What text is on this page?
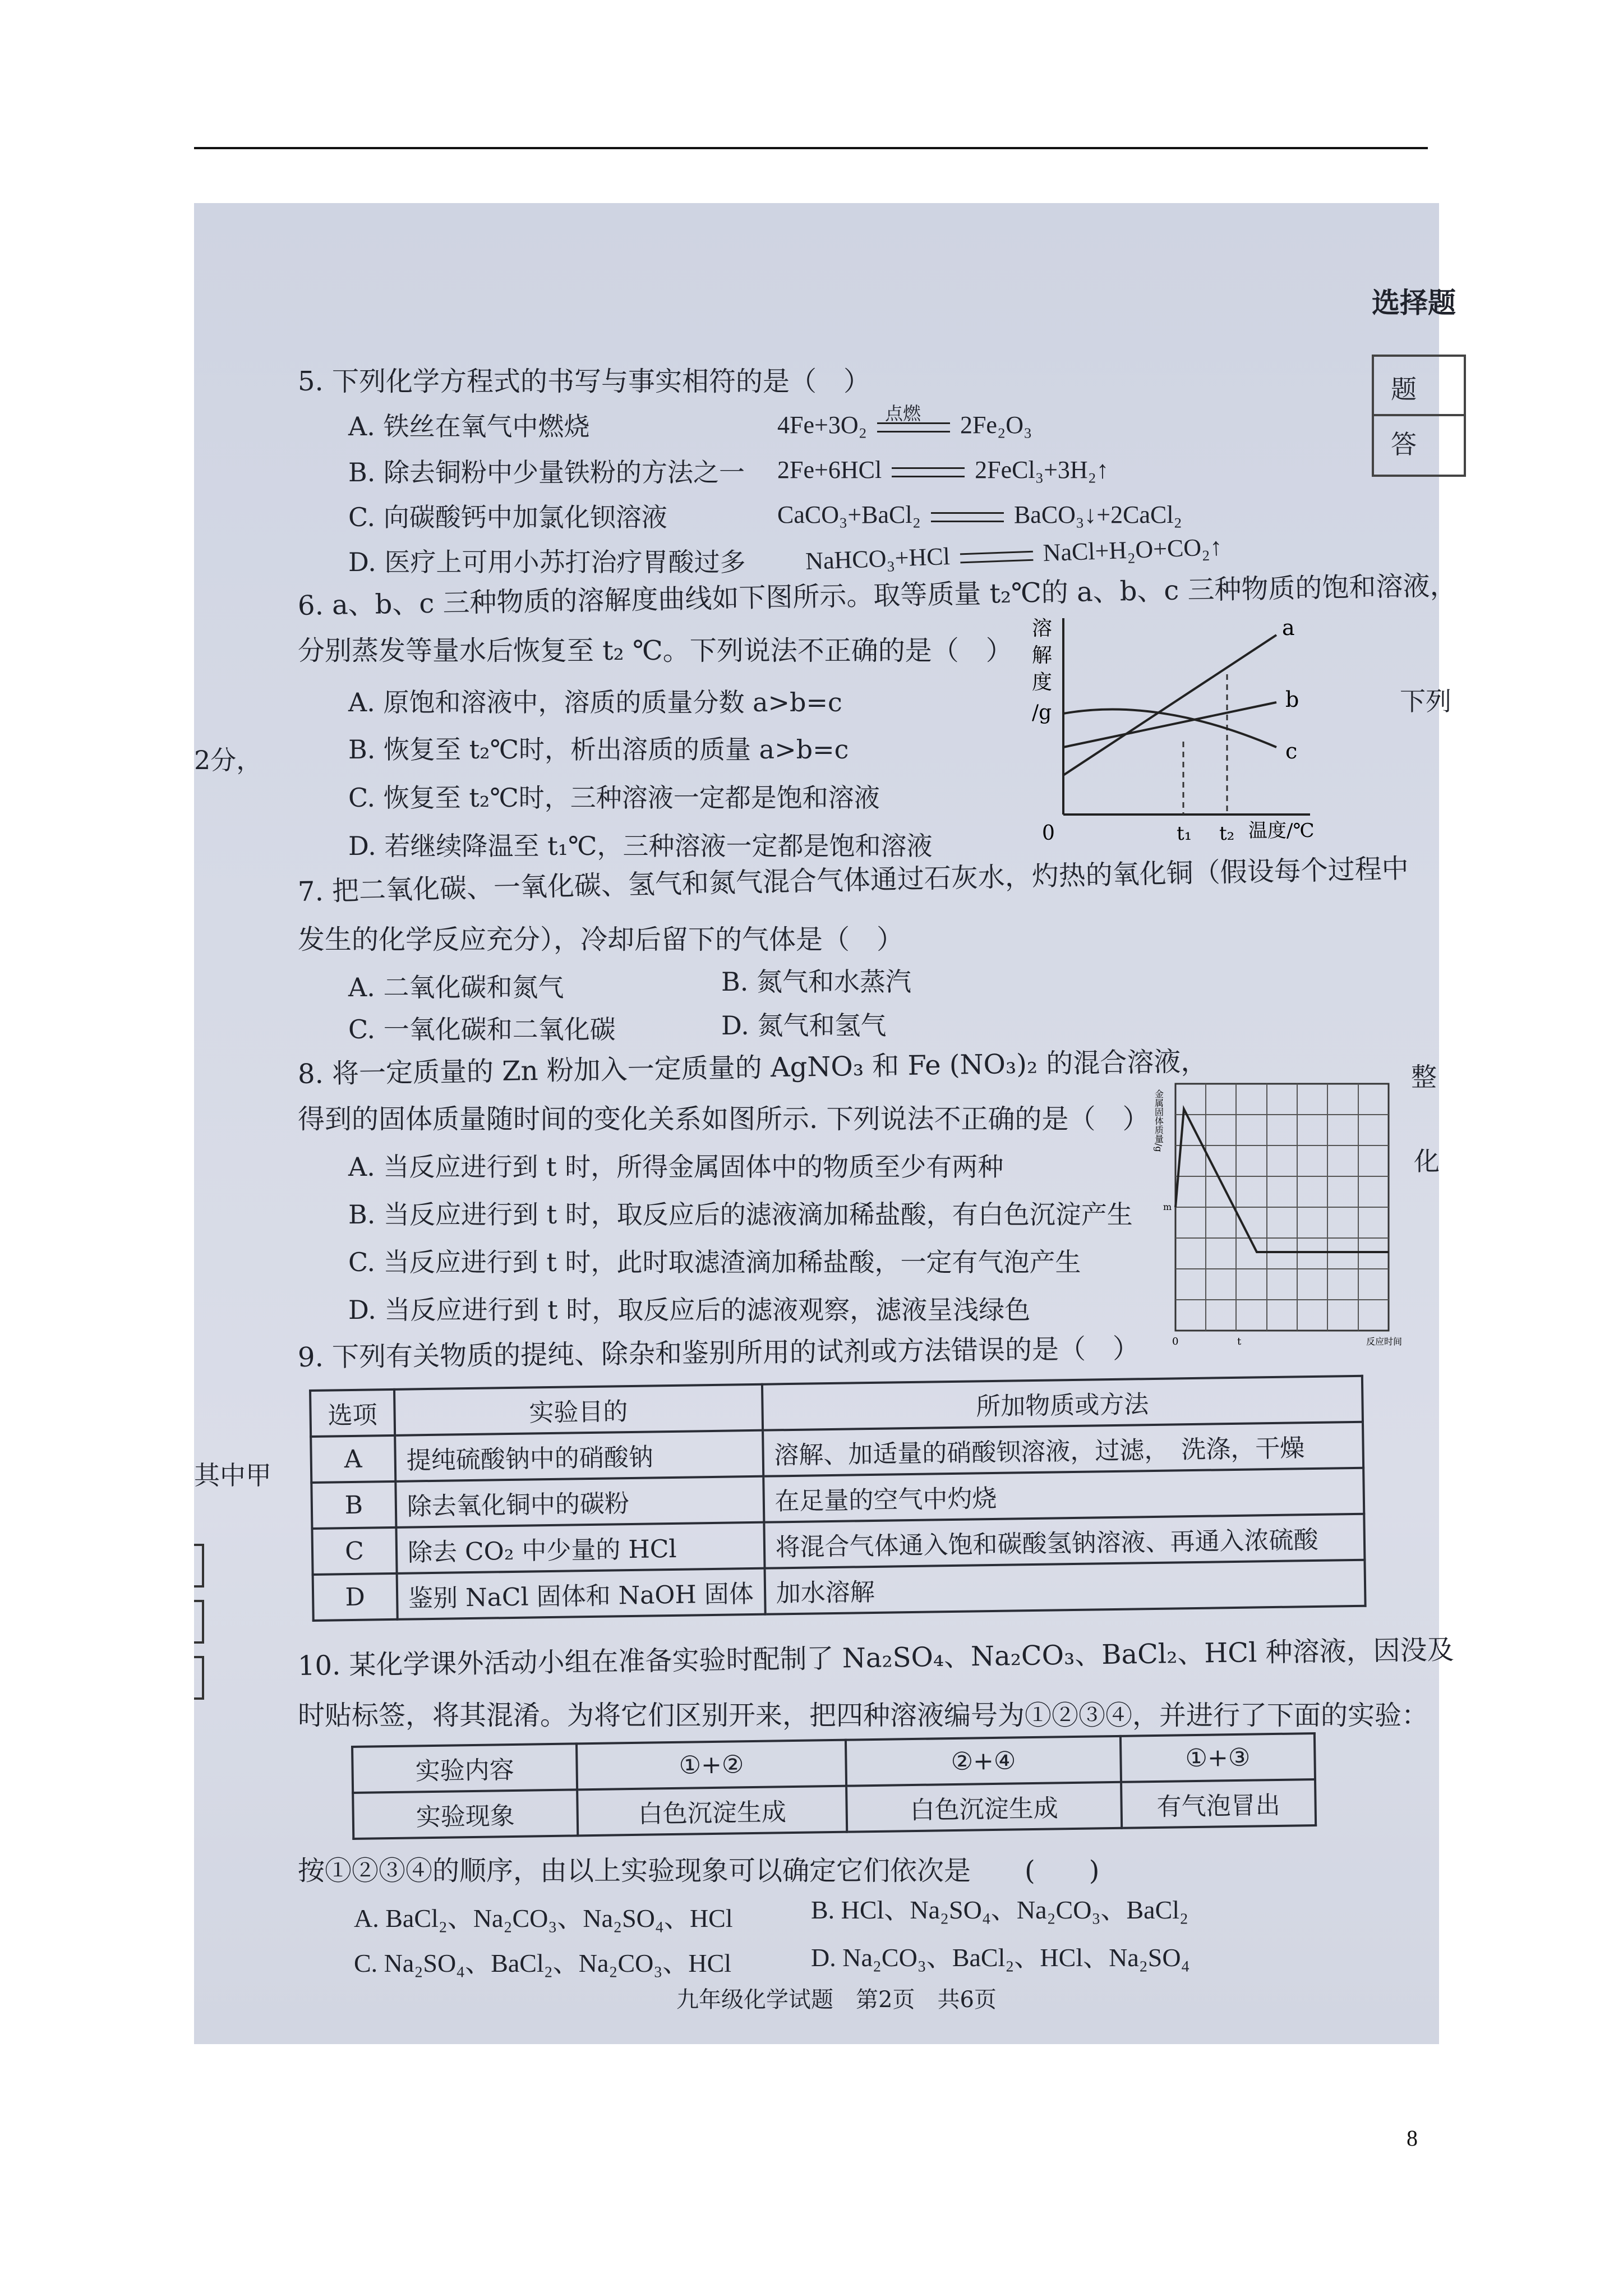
选择题
题
答
下列
整
化
2分，
其中甲
5. 下列化学方程式的书写与事实相符的是（　）
A. 铁丝在氧气中燃烧	4Fe+3O₂ 点燃 2Fe₂O₃
B. 除去铜粉中少量铁粉的方法之一 2Fe+6HCl	2FeCl₃+3H₂↑
C. 向碳酸钙中加氯化钡溶液	CaCO₃+BaCl₂	BaCO₃↓+2CaCl₂
D. 医疗上可用小苏打治疗胃酸过多 NaHCO₃+HCl	NaCl+H₂O+CO₂↑
6. a、b、c 三种物质的溶解度曲线如下图所示。取等质量 t₂℃的 a、b、c 三种物质的饱和溶液，
分别蒸发等量水后恢复至 t₂ ℃。下列说法不正确的是（　）
A. 原饱和溶液中，溶质的质量分数 a>b=c
B. 恢复至 t₂℃时，析出溶质的质量 a>b=c
C. 恢复至 t₂℃时，三种溶液一定都是饱和溶液
D. 若继续降温至 t₁℃，三种溶液一定都是饱和溶液
溶
解
度
/g
0	t₁ t₂ 温度/℃
a
b
c
7. 把二氧化碳、一氧化碳、氢气和氮气混合气体通过石灰水，灼热的氧化铜（假设每个过程中
发生的化学反应充分），冷却后留下的气体是（　）
A. 二氧化碳和氮气	B. 氮气和水蒸汽
C. 一氧化碳和二氧化碳	D. 氮气和氢气
8. 将一定质量的 Zn 粉加入一定质量的 AgNO₃ 和 Fe (NO₃)₂ 的混合溶液，
得到的固体质量随时间的变化关系如图所示. 下列说法不正确的是（　）
A. 当反应进行到 t 时，所得金属固体中的物质至少有两种
B. 当反应进行到 t 时，取反应后的滤液滴加稀盐酸，有白色沉淀产生
C. 当反应进行到 t 时，此时取滤渣滴加稀盐酸，一定有气泡产生
D. 当反应进行到 t 时，取反应后的滤液观察，滤液呈浅绿色
金属固体质量/g
m
0	t	反应时间
9. 下列有关物质的提纯、除杂和鉴别所用的试剂或方法错误的是（　）
选项	实验目的	所加物质或方法
A	提纯硫酸钠中的硝酸钠	溶解、加适量的硝酸钡溶液，过滤，　洗涤，干燥
B	除去氧化铜中的碳粉	在足量的空气中灼烧
C	除去 CO₂ 中少量的 HCl	将混合气体通入饱和碳酸氢钠溶液、再通入浓硫酸
D	鉴别 NaCl 固体和 NaOH 固体	加水溶解
10. 某化学课外活动小组在准备实验时配制了 Na₂SO₄、Na₂CO₃、BaCl₂、HCl 种溶液，因没及
时贴标签，将其混淆。为将它们区别开来，把四种溶液编号为①②③④，并进行了下面的实验：
实验内容	①+②	②+④	①+③
实验现象	白色沉淀生成	白色沉淀生成	有气泡冒出
按①②③④的顺序，由以上实验现象可以确定它们依次是　　(　　)
A. BaCl₂、Na₂CO₃、Na₂SO₄、HCl	B. HCl、Na₂SO₄、Na₂CO₃、BaCl₂
C. Na₂SO₄、BaCl₂、Na₂CO₃、HCl	D. Na₂CO₃、BaCl₂、HCl、Na₂SO₄
九年级化学试题　第2页　共6页
8
